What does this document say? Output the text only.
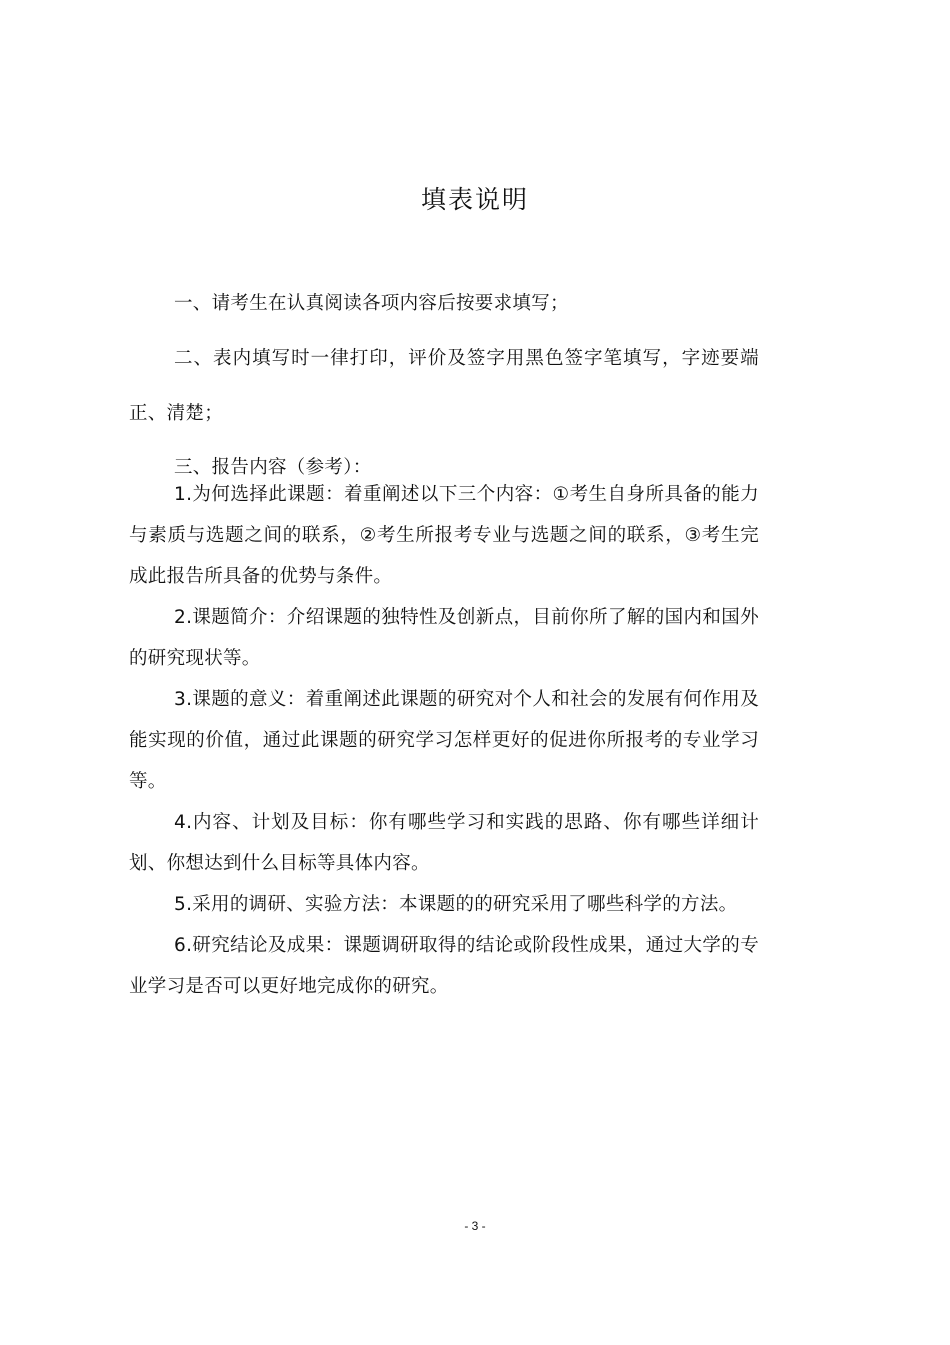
填表说明

一、请考生在认真阅读各项内容后按要求填写；

二、表内填写时一律打印，评价及签字用黑色签字笔填写，字迹要端正、清楚；

三、报告内容（参考）：

1.为何选择此课题：着重阐述以下三个内容：①考生自身所具备的能力与素质与选题之间的联系，②考生所报考专业与选题之间的联系，③考生完成此报告所具备的优势与条件。

2.课题简介：介绍课题的独特性及创新点，目前你所了解的国内和国外的研究现状等。

3.课题的意义：着重阐述此课题的研究对个人和社会的发展有何作用及能实现的价值，通过此课题的研究学习怎样更好的促进你所报考的专业学习等。

4.内容、计划及目标：你有哪些学习和实践的思路、你有哪些详细计划、你想达到什么目标等具体内容。

5.采用的调研、实验方法：本课题的的研究采用了哪些科学的方法。

6.研究结论及成果：课题调研取得的结论或阶段性成果，通过大学的专业学习是否可以更好地完成你的研究。

- 3 -
